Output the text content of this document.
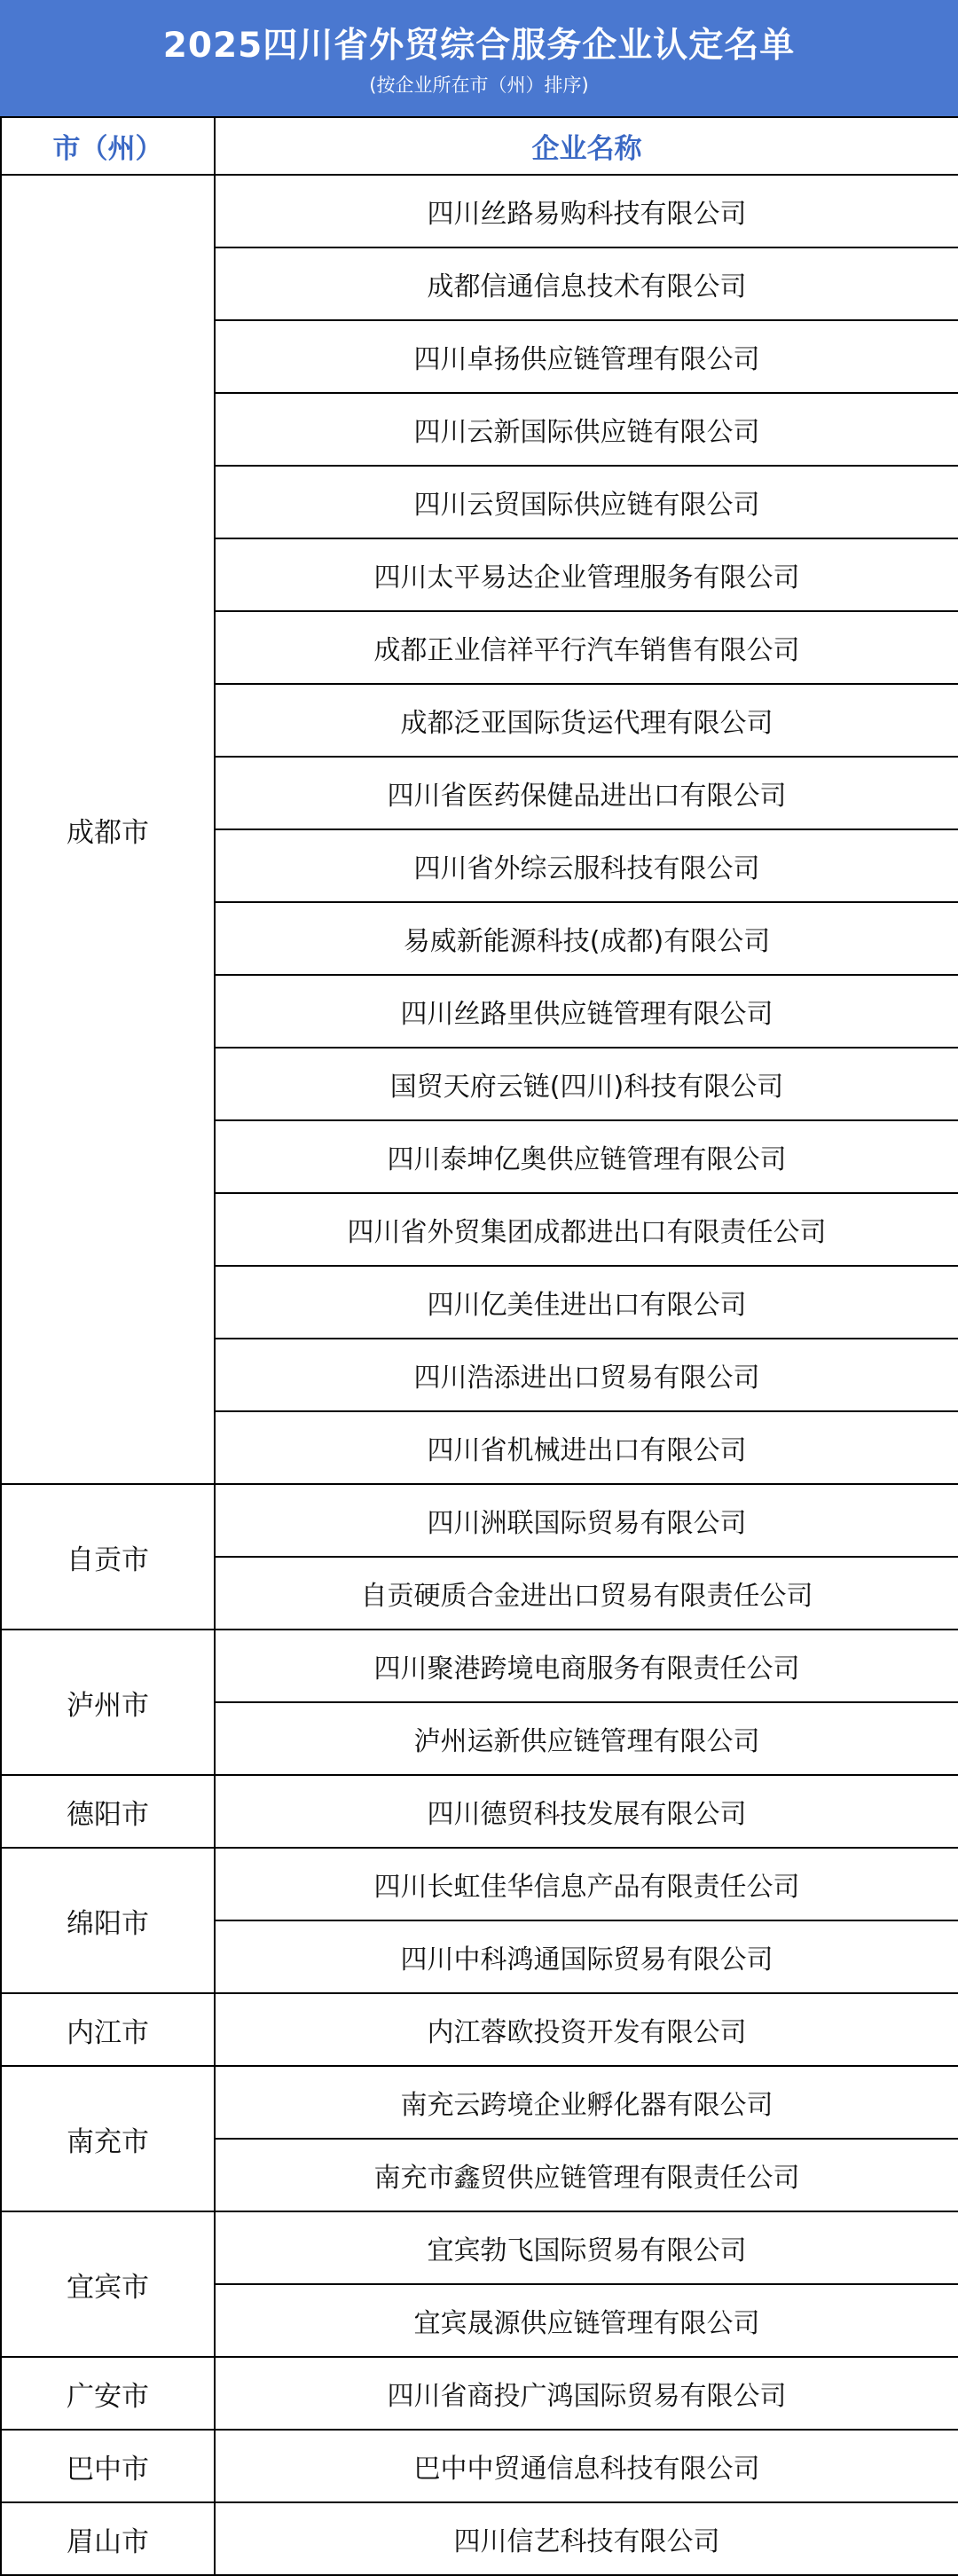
2025四川省外贸综合服务企业认定名单
(按企业所在市（州）排序)
市（州）	企业名称
成都市	四川丝路易购科技有限公司
	成都信通信息技术有限公司
	四川卓扬供应链管理有限公司
	四川云新国际供应链有限公司
	四川云贸国际供应链有限公司
	四川太平易达企业管理服务有限公司
	成都正业信祥平行汽车销售有限公司
	成都泛亚国际货运代理有限公司
	四川省医药保健品进出口有限公司
	四川省外综云服科技有限公司
	易威新能源科技(成都)有限公司
	四川丝路里供应链管理有限公司
	国贸天府云链(四川)科技有限公司
	四川泰坤亿奥供应链管理有限公司
	四川省外贸集团成都进出口有限责任公司
	四川亿美佳进出口有限公司
	四川浩添进出口贸易有限公司
	四川省机械进出口有限公司
自贡市	四川洲联国际贸易有限公司
	自贡硬质合金进出口贸易有限责任公司
泸州市	四川聚港跨境电商服务有限责任公司
	泸州运新供应链管理有限公司
德阳市	四川德贸科技发展有限公司
绵阳市	四川长虹佳华信息产品有限责任公司
	四川中科鸿通国际贸易有限公司
内江市	内江蓉欧投资开发有限公司
南充市	南充云跨境企业孵化器有限公司
	南充市鑫贸供应链管理有限责任公司
宜宾市	宜宾勃飞国际贸易有限公司
	宜宾晟源供应链管理有限公司
广安市	四川省商投广鸿国际贸易有限公司
巴中市	巴中中贸通信息科技有限公司
眉山市	四川信艺科技有限公司
